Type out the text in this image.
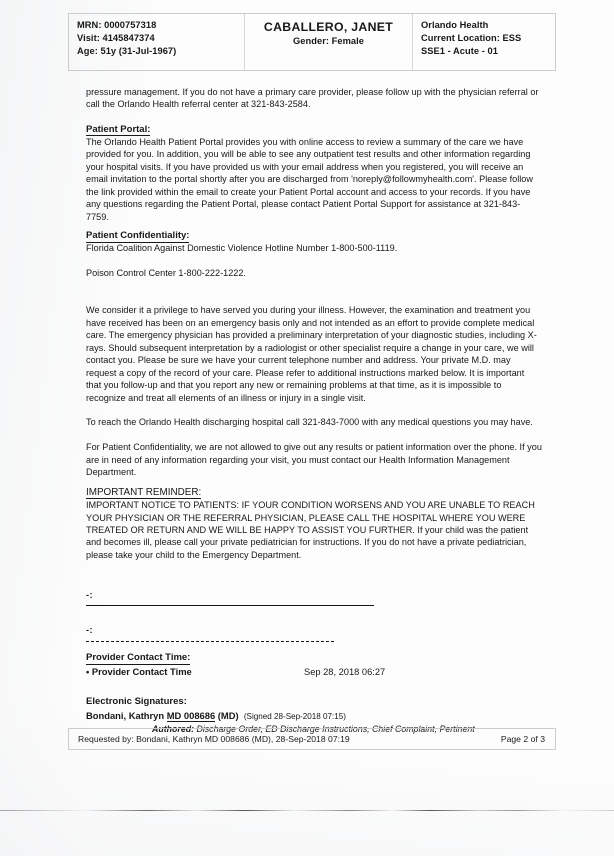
MRN: 0000757318
Visit: 4145847374
Age: 51y (31-Jul-1967)
CABALLERO, JANET
Gender: Female
Orlando Health
Current Location: ESS
SSE1 - Acute - 01

pressure management. If you do not have a primary care provider, please follow up with the physician referral or call the Orlando Health referral center at 321-843-2584.

Patient Portal:

The Orlando Health Patient Portal provides you with online access to review a summary of the care we have provided for you. In addition, you will be able to see any outpatient test results and other information regarding your hospital visits. If you have provided us with your email address when you registered, you will receive an email invitation to the portal shortly after you are discharged from 'noreply@followmyhealth.com'. Please follow the link provided within the email to create your Patient Portal account and access to your records. If you have any questions regarding the Patient Portal, please contact Patient Portal Support for assistance at 321-843-7759.

Patient Confidentiality:

Florida Coalition Against Domestic Violence Hotline Number 1-800-500-1119.

Poison Control Center 1-800-222-1222.

We consider it a privilege to have served you during your illness. However, the examination and treatment you have received has been on an emergency basis only and not intended as an effort to provide complete medical care. The emergency physician has provided a preliminary interpretation of your diagnostic studies, including X-rays. Should subsequent interpretation by a radiologist or other specialist require a change in your care, we will contact you. Please be sure we have your current telephone number and address. Your private M.D. may request a copy of the record of your care. Please refer to additional instructions marked below. It is important that you follow-up and that you report any new or remaining problems at that time, as it is impossible to recognize and treat all elements of an illness or injury in a single visit.

To reach the Orlando Health discharging hospital call 321-843-7000 with any medical questions you may have.

For Patient Confidentiality, we are not allowed to give out any results or patient information over the phone. If you are in need of any information regarding your visit, you must contact our Health Information Management Department.

IMPORTANT REMINDER:

IMPORTANT NOTICE TO PATIENTS: IF YOUR CONDITION WORSENS AND YOU ARE UNABLE TO REACH YOUR PHYSICIAN OR THE REFERRAL PHYSICIAN, PLEASE CALL THE HOSPITAL WHERE YOU WERE TREATED OR RETURN AND WE WILL BE HAPPY TO ASSIST YOU FURTHER. If your child was the patient and becomes ill, please call your private pediatrician for instructions. If you do not have a private pediatrician, please take your child to the Emergency Department.

-:
-:
Provider Contact Time:
• Provider Contact Time	Sep 28, 2018 06:27
Electronic Signatures:
Bondani, Kathryn MD 008686 (MD) (Signed 28-Sep-2018 07:15)
Authored: Discharge Order, ED Discharge Instructions, Chief Complaint, Pertinent
Requested by: Bondani, Kathryn MD 008686 (MD), 28-Sep-2018 07:19	Page 2 of 3
